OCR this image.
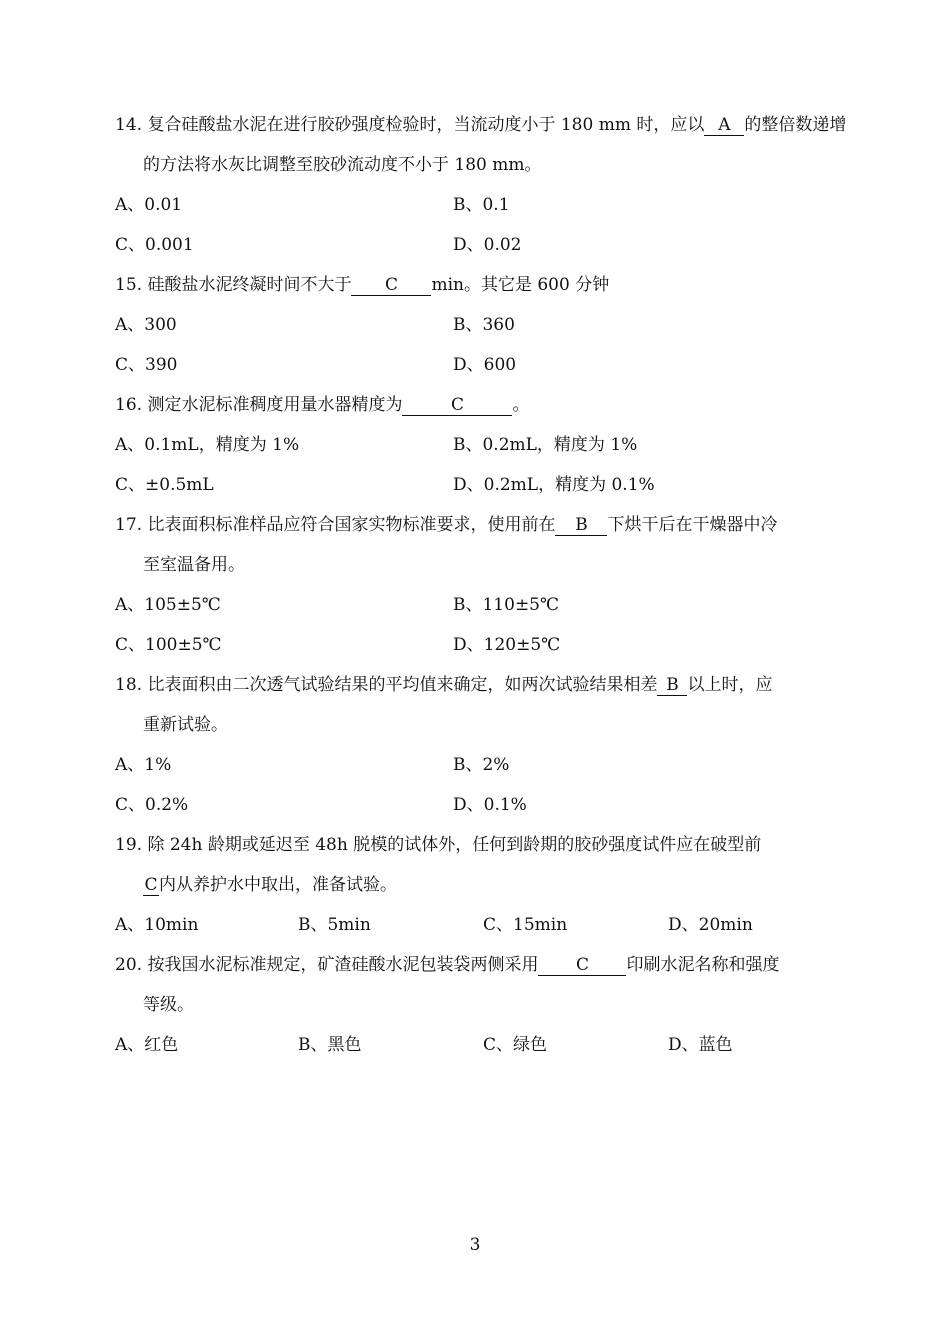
14. 复合硅酸盐水泥在进行胶砂强度检验时，当流动度小于 180 mm 时，应以 A 的整倍数递增
的方法将水灰比调整至胶砂流动度不小于 180 mm。
A、0.01	B、0.1
C、0.001	D、0.02
15. 硅酸盐水泥终凝时间不大于 C min。其它是 600 分钟
A、300	B、360
C、390	D、600
16. 测定水泥标准稠度用量水器精度为	C	。
A、0.1mL，精度为 1%	B、0.2mL，精度为 1%
C、±0.5mL	D、0.2mL，精度为 0.1%
17. 比表面积标准样品应符合国家实物标准要求，使用前在 B 下烘干后在干燥器中冷
至室温备用。
A、105±5℃	B、110±5℃
C、100±5℃	D、120±5℃
18. 比表面积由二次透气试验结果的平均值来确定，如两次试验结果相差 B 以上时，应
重新试验。
A、1%	B、2%
C、0.2%	D、0.1%
19. 除 24h 龄期或延迟至 48h 脱模的试体外，任何到龄期的胶砂强度试件应在破型前
C内从养护水中取出，准备试验。
A、10min	B、5min	C、15min	D、20min
20. 按我国水泥标准规定，矿渣硅酸水泥包装袋两侧采用 C 印刷水泥名称和强度
等级。
A、红色	B、黑色	C、绿色	D、蓝色
3
